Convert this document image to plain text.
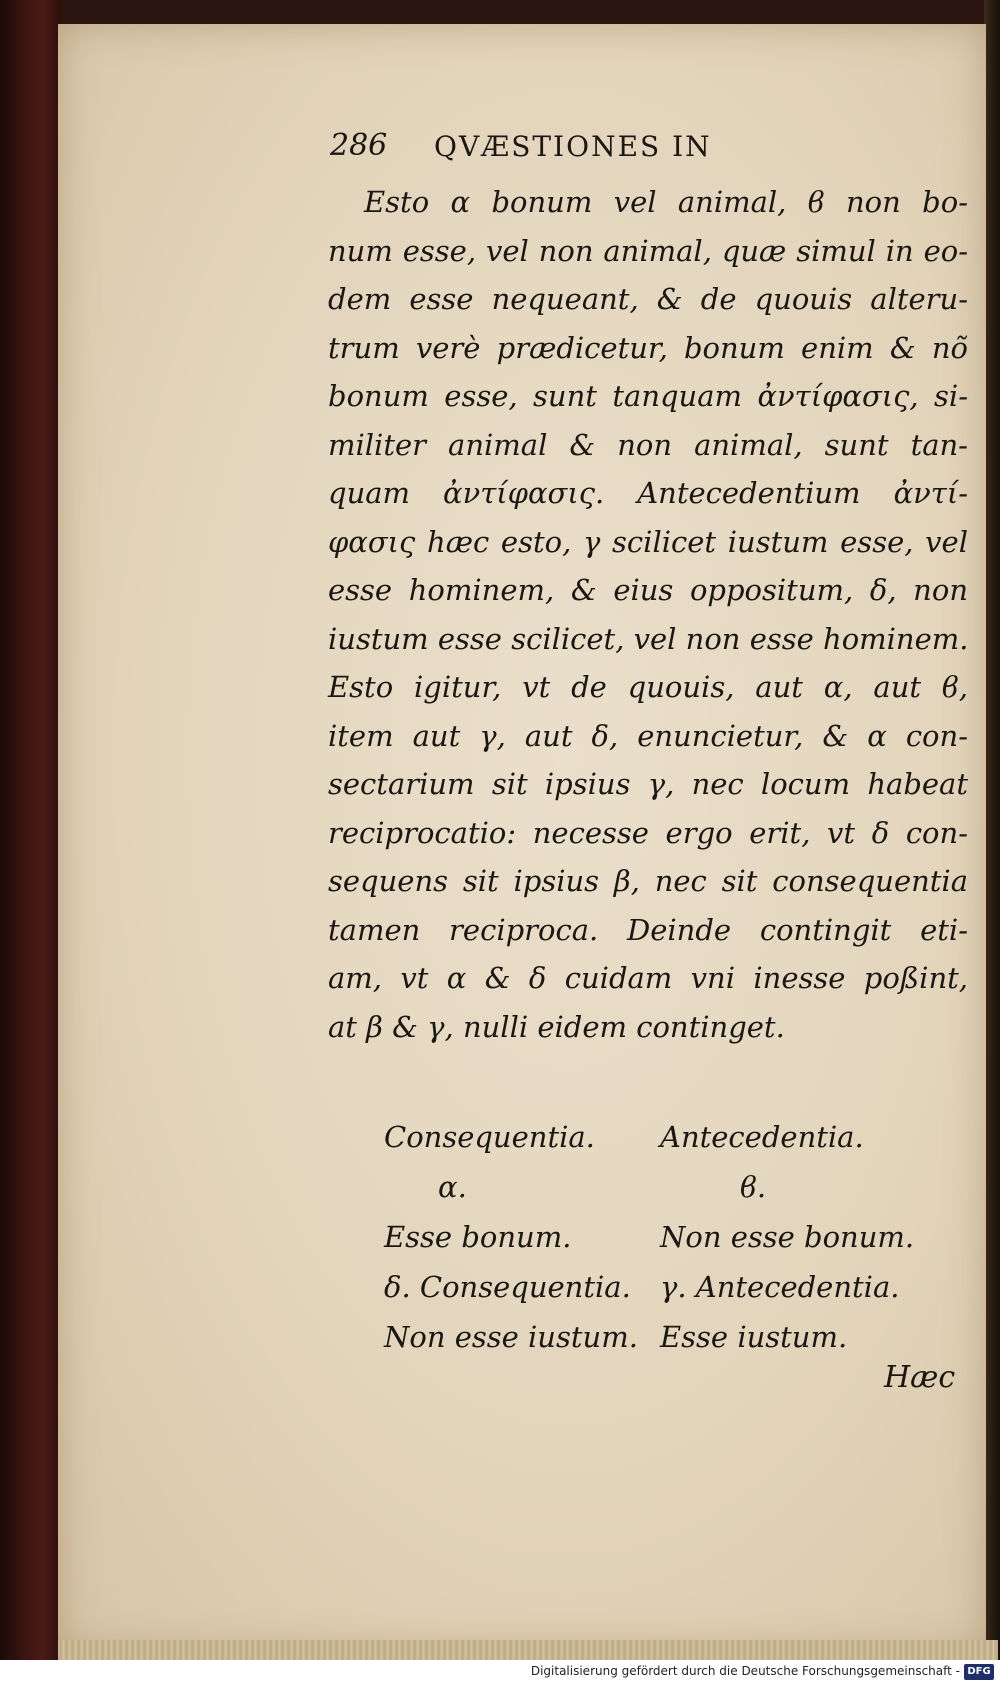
286 QVÆSTIONES IN
Esto α bonum vel animal, ϐ non bo-
num esse, vel non animal, quæ simul in eo-
dem esse nequeant, & de quouis alteru-
trum verè prædicetur, bonum enim & nõ
bonum esse, sunt tanquam ἀντίφασις, si-
militer animal & non animal, sunt tan-
quam ἀντίφασις. Antecedentium ἀντί-
φασις hæc esto, γ scilicet iustum esse, vel
esse hominem, & eius oppositum, δ, non
iustum esse scilicet, vel non esse hominem.
Esto igitur, vt de quouis, aut α, aut ϐ,
item aut γ, aut δ, enuncietur, & α con-
sectarium sit ipsius γ, nec locum habeat
reciprocatio: necesse ergo erit, vt δ con-
sequens sit ipsius β, nec sit consequentia
tamen reciproca. Deinde contingit eti-
am, vt α & δ cuidam vni inesse poßint,
at β & γ, nulli eidem continget.
Consequentia. Antecedentia.
α.	ϐ.
Esse bonum.	Non esse bonum.
δ. Consequentia. γ. Antecedentia.
Non esse iustum. Esse iustum.
Hæc
Digitalisierung gefördert durch die Deutsche Forschungsgemeinschaft - DFG
